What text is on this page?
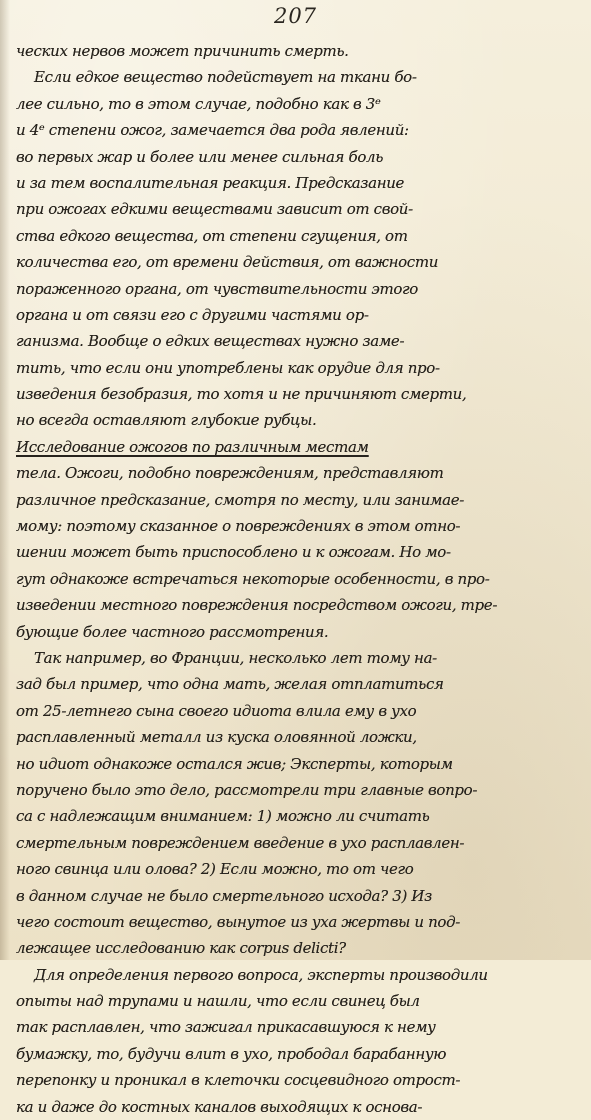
207
ческих нервов может причинить смерть.
Если едкое вещество подействует на ткани бо-
лее сильно, то в этом случае, подобно как в 3ᵉ
и 4ᵉ степени ожог, замечается два рода явлений:
во первых жар и более или менее сильная боль
и за тем воспалительная реакция. Предсказание
при ожогах едкими веществами зависит от свой-
ства едкого вещества, от степени сгущения, от
количества его, от времени действия, от важности
пораженного органа, от чувствительности этого
органа и от связи его с другими частями ор-
ганизма. Вообще о едких веществах нужно заме-
тить, что если они употреблены как орудие для про-
изведения безобразия, то хотя и не причиняют смерти,
но всегда оставляют глубокие рубцы.
Исследование ожогов по различным местам
тела. Ожоги, подобно повреждениям, представляют
различное предсказание, смотря по месту, или занимае-
мому: поэтому сказанное о повреждениях в этом отно-
шении может быть приспособлено и к ожогам. Но мо-
гут однакоже встречаться некоторые особенности, в про-
изведении местного повреждения посредством ожоги, тре-
бующие более частного рассмотрения.
Так например, во Франции, несколько лет тому на-
зад был пример, что одна мать, желая отплатиться
от 25-летнего сына своего идиота влила ему в ухо
расплавленный металл из куска оловянной ложки,
но идиот однакоже остался жив; Эксперты, которым
поручено было это дело, рассмотрели три главные вопро-
са с надлежащим вниманием: 1) можно ли считать
смертельным повреждением введение в ухо расплавлен-
ного свинца или олова? 2) Если можно, то от чего
в данном случае не было смертельного исхода? 3) Из
чего состоит вещество, вынутое из уха жертвы и под-
лежащее исследованию как corpus delicti?
Для определения первого вопроса, эксперты производили
опыты над трупами и нашли, что если свинец был
так расплавлен, что зажигал прикасавшуюся к нему
бумажку, то, будучи влит в ухо, прободал барабанную
перепонку и проникал в клеточки сосцевидного отрост-
ка и даже до костных каналов выходящих к основа-
